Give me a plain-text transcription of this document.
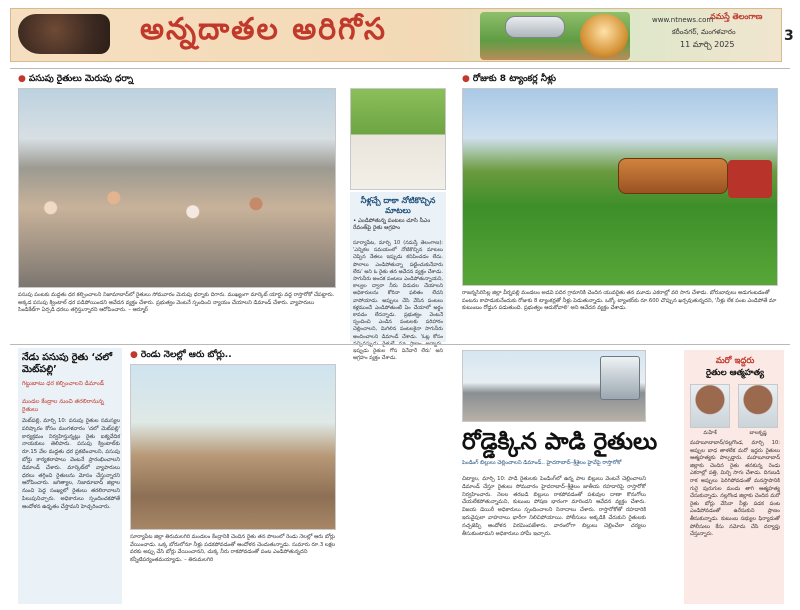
అన్నదాతల అరిగోస	www.ntnews.com
నమస్తే తెలంగాణ
కరీంనగర్, మంగళవారం
11 మార్చి 2025
3
● పసుపు రైతులు మెరుపు ధర్నా
పసుపు పంటకు మద్దతు ధర కల్పించాలని నిజామాబాద్‌లో రైతులు సోమవారం మెరుపు ధర్నాకు దిగారు. ముఖ్యంగా మార్కెట్ యార్డు వద్ద రాస్తారోకో చేపట్టారు. అక్కడ పసుపు క్వింటాల్ ధర పడిపోయిందని ఆవేదన వ్యక్తం చేశారు. ప్రభుత్వం వెంటనే స్పందించి న్యాయం చేయాలని డిమాండ్ చేశారు. వ్యాపారులు సిండికేట్‌గా ఏర్పడి ధరలు తగ్గిస్తున్నారని ఆరోపించారు. – ఆర్మూర్
నీళ్లచ్చే దాకా నోటికొచ్చిన మాటలు
• ఎండిపోతున్న పంటలు చూసి సీఎం రేవంత్‌పై రైతు ఆగ్రహం
సూర్యాపేట, మార్చి 10 (నమస్తే తెలంగాణ): 'ఎన్నికల సమయంలో నోటికొచ్చిన మాటలు చెప్పిన నేతలు ఇప్పుడు కనిపించడం లేదు. పొలాలు ఎండిపోతున్నా పట్టించుకునేవారు లేరు' అని ఓ రైతు తన ఆవేదన వ్యక్తం చేశాడు. సాగునీరు అందక పంటలు ఎండిపోతున్నాయని, కాల్వల ద్వారా నీరు విడుదల చేయాలని అధికారులను కోరినా ఫలితం లేదని వాపోయాడు. అప్పులు చేసి వేసిన పంటలు కళ్లముందే ఎండిపోతుంటే ఏం చేయాలో అర్థం కావడం లేదన్నాడు. ప్రభుత్వం వెంటనే స్పందించి ఎండిన పంటలకు పరిహారం చెల్లించాలని, మిగిలిన పంటలకైనా సాగునీరు అందించాలని డిమాండ్ చేశాడు. 'ఓట్ల కోసం ఇప్పుడు రైతుల గోస వినేవారే లేరు' అని ఆగ్రహం వ్యక్తం చేశాడు.
● రోజుకు 8 ట్యాంకర్ల నీళ్లు
రాజన్నసిరిసిల్ల జిల్లా వీర్నపల్లి మండలం అడవి పదిర గ్రామానికి చెందిన యువరైతు తన మూడు ఎకరాల్లో వరి సాగు చేశాడు. బోరుబావులు అడుగంటడంతో పంటను కాపాడుకునేందుకు రోజుకు 8 ట్యాంకర్లతో నీళ్లు పెడుతున్నాడు. ఒక్కో ట్యాంకర్‌కు రూ.600 చొప్పున ఖర్చవుతున్నదని, 'నీళ్లు లేక పంట ఎండిపోతే మా కుటుంబం రోడ్డున పడుతుంది. ప్రభుత్వం ఆదుకోవాలి' అని ఆవేదన వ్యక్తం చేశాడు.
నేడు పసుపు రైతు ‘చలో మెట్‌పల్లి’
గిట్టుబాటు ధర కల్పించాలని డిమాండ్
మండల కేంద్రాల నుంచి తరలిరానున్న రైతులు
మెట్‌పల్లి, మార్చి 10: పసుపు రైతుల సమస్యల పరిష్కారం కోసం మంగళవారం 'చలో మెట్‌పల్లి' కార్యక్రమం నిర్వహిస్తున్నట్లు రైతు ఐక్యవేదిక నాయకులు తెలిపారు. పసుపు క్వింటాల్‌కు రూ.15 వేల మద్దతు ధర ప్రకటించాలని, పసుపు బోర్డు కార్యకలాపాలు వెంటనే ప్రారంభించాలని డిమాండ్ చేశారు. మార్కెట్‌లో వ్యాపారులు ధరలు తగ్గించి రైతులను మోసం చేస్తున్నారని ఆరోపించారు. జగిత్యాల, నిజామాబాద్ జిల్లాల నుంచి పెద్ద సంఖ్యలో రైతులు తరలిరావాలని పిలుపునిచ్చారు. అధికారులు స్పందించకపోతే ఆందోళన ఉధృతం చేస్తామని హెచ్చరించారు.
● రెండు నెలల్లో ఆరు బోర్లు..
సూర్యాపేట జిల్లా తిరుమలగిరి మండలం కేంద్రానికి చెందిన రైతు తన పొలంలో రెండు నెలల్లో ఆరు బోర్లు వేయించాడు. ఒక్క బోరులోనూ నీళ్లు పడకపోవడంతో ఆందోళన చెందుతున్నాడు. సుమారు రూ.3 లక్షల వరకు అప్పు చేసి బోర్లు వేయించానని, చుక్క నీరు రాకపోవడంతో పంట ఎండిపోతున్నదని కన్నీటిపర్యంతమయ్యాడు. – తిరుమలగిరి
రోడ్డెక్కిన పాడి రైతులు
పెండింగ్ బిల్లులు చెల్లించాలని డిమాండ్.. హైదరాబాద్–శ్రీశైలం హైవేపై రాస్తారోకో
చిట్యాల, మార్చి 10: పాడి రైతులకు పెండింగ్‌లో ఉన్న పాల బిల్లులు వెంటనే చెల్లించాలని డిమాండ్ చేస్తూ రైతులు సోమవారం హైదరాబాద్–శ్రీశైలం జాతీయ రహదారిపై రాస్తారోకో నిర్వహించారు. నెలల తరబడి బిల్లులు రాకపోవడంతో పశువుల దాణా కొనుగోలు చేయలేకపోతున్నామని, కుటుంబ పోషణ భారంగా మారిందని ఆవేదన వ్యక్తం చేశారు. విజయ డెయిరీ అధికారులు స్పందించాలని నినాదాలు చేశారు. రాస్తారోకోతో రహదారికి ఇరువైపులా వాహనాలు భారీగా నిలిచిపోయాయి. పోలీసులు అక్కడికి చేరుకుని రైతులకు నచ్చజెప్పి ఆందోళన విరమింపజేశారు. వారంలోగా బిల్లులు చెల్లించేలా చర్యలు తీసుకుంటామని అధికారులు హామీ ఇచ్చారు.
మరో ఇద్దరు
రైతుల ఆత్మహత్య
మహేశ్	బాలకృష్ణ
మహబూబాబాద్/నల్లగొండ, మార్చి 10: అప్పుల బాధ తాళలేక మరో ఇద్దరు రైతులు ఆత్మహత్యకు పాల్పడ్డారు. మహబూబాబాద్ జిల్లాకు చెందిన రైతు తనకున్న రెండు ఎకరాల్లో పత్తి, మిర్చి సాగు చేశాడు. దిగుబడి రాక అప్పులు పెరిగిపోవడంతో మనస్తాపానికి గురై పురుగుల మందు తాగి ఆత్మహత్య చేసుకున్నాడు. నల్లగొండ జిల్లాకు చెందిన మరో రైతు బోర్లు వేసినా నీళ్లు పడక పంట ఎండిపోవడంతో ఉరేసుకుని ప్రాణం తీసుకున్నాడు. కుటుంబ సభ్యుల ఫిర్యాదుతో పోలీసులు కేసు నమోదు చేసి దర్యాప్తు చేస్తున్నారు.
